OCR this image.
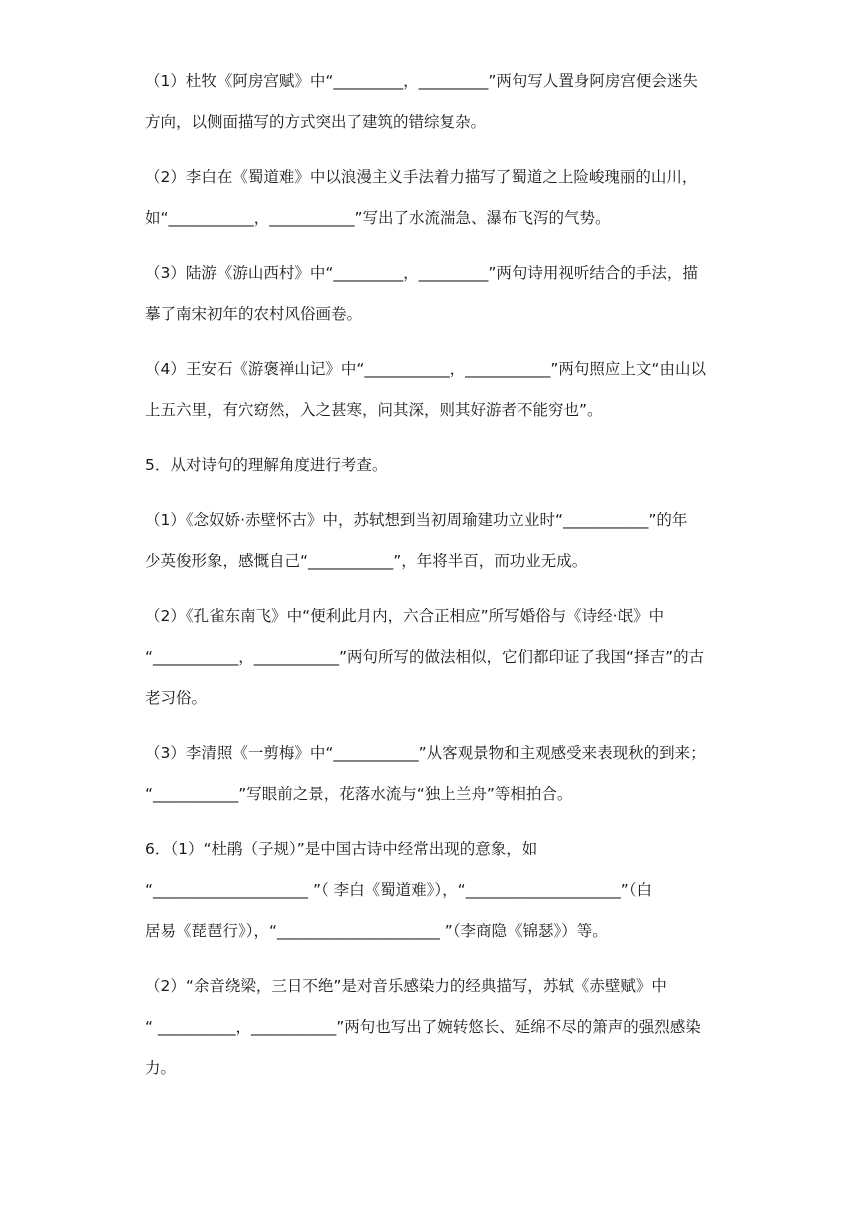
（1）杜牧《阿房宫赋》中“_________，_________”两句写人置身阿房宫便会迷失
方向，以侧面描写的方式突出了建筑的错综复杂。
（2）李白在《蜀道难》中以浪漫主义手法着力描写了蜀道之上险峻瑰丽的山川，
如“___________，___________”写出了水流湍急、瀑布飞泻的气势。
（3）陆游《游山西村》中“_________，_________”两句诗用视听结合的手法，描
摹了南宋初年的农村风俗画卷。
（4）王安石《游褒禅山记》中“___________，___________”两句照应上文“由山以
上五六里，有穴窈然，入之甚寒，问其深，则其好游者不能穷也”。
5．从对诗句的理解角度进行考查。
（1）《念奴娇·赤壁怀古》中，苏轼想到当初周瑜建功立业时“___________”的年
少英俊形象，感慨自己“___________”，年将半百，而功业无成。
（2）《孔雀东南飞》中“便利此月内，六合正相应”所写婚俗与《诗经·氓》中
“___________，___________”两句所写的做法相似，它们都印证了我国“择吉”的古
老习俗。
（3）李清照《一剪梅》中“___________”从客观景物和主观感受来表现秋的到来；
“___________”写眼前之景，花落水流与“独上兰舟”等相拍合。
6．（1）“杜鹃（子规）”是中国古诗中经常出现的意象，如
“____________________ ”（ 李白《蜀道难》），“____________________”（白
居易《琵琶行》），“_____________________ ”（李商隐《锦瑟》）等。
（2）“余音绕梁，三日不绝”是对音乐感染力的经典描写，苏轼《赤壁赋》中
“ __________，___________”两句也写出了婉转悠长、延绵不尽的箫声的强烈感染
力。
